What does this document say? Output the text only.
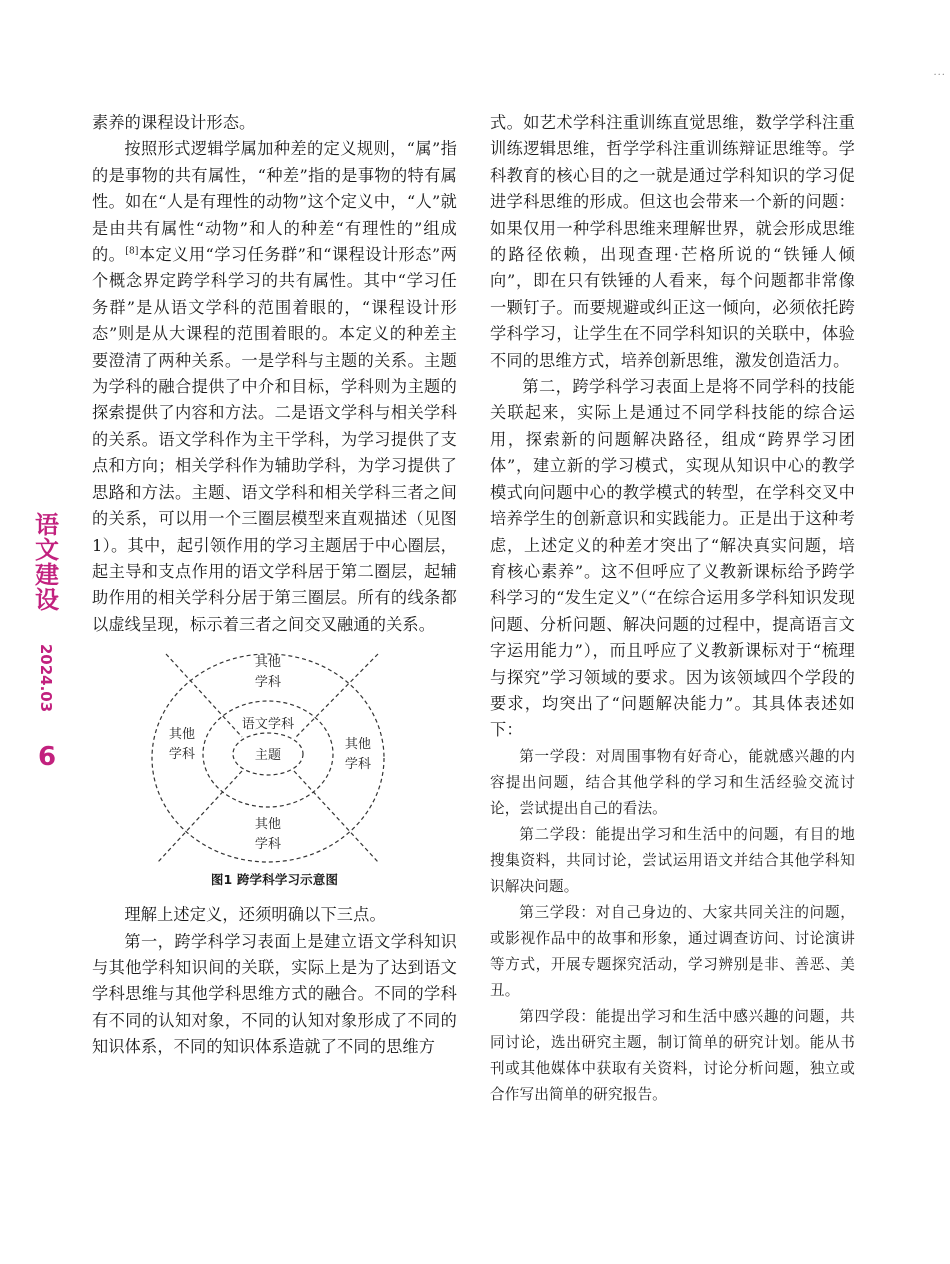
···
语文建设
2024.03
6

素养的课程设计形态。

按照形式逻辑学属加种差的定义规则，“属”指的是事物的共有属性，“种差”指的是事物的特有属性。如在“人是有理性的动物”这个定义中，“人”就是由共有属性“动物”和人的种差“有理性的”组成的。[8]本定义用“学习任务群”和“课程设计形态”两个概念界定跨学科学习的共有属性。其中“学习任务群”是从语文学科的范围着眼的，“课程设计形态”则是从大课程的范围着眼的。本定义的种差主要澄清了两种关系。一是学科与主题的关系。主题为学科的融合提供了中介和目标，学科则为主题的探索提供了内容和方法。二是语文学科与相关学科的关系。语文学科作为主干学科，为学习提供了支点和方向；相关学科作为辅助学科，为学习提供了思路和方法。主题、语文学科和相关学科三者之间的关系，可以用一个三圈层模型来直观描述（见图1）。其中，起引领作用的学习主题居于中心圈层，起主导和支点作用的语文学科居于第二圈层，起辅助作用的相关学科分居于第三圈层。所有的线条都以虚线呈现，标示着三者之间交叉融通的关系。

其他
学科
其他
学科
其他
学科
其他
学科
语文学科
主题
图1 跨学科学习示意图

理解上述定义，还须明确以下三点。

第一，跨学科学习表面上是建立语文学科知识与其他学科知识间的关联，实际上是为了达到语文学科思维与其他学科思维方式的融合。不同的学科有不同的认知对象，不同的认知对象形成了不同的知识体系，不同的知识体系造就了不同的思维方

式。如艺术学科注重训练直觉思维，数学学科注重训练逻辑思维，哲学学科注重训练辩证思维等。学科教育的核心目的之一就是通过学科知识的学习促进学科思维的形成。但这也会带来一个新的问题：如果仅用一种学科思维来理解世界，就会形成思维的路径依赖，出现查理·芒格所说的“铁锤人倾向”，即在只有铁锤的人看来，每个问题都非常像一颗钉子。而要规避或纠正这一倾向，必须依托跨学科学习，让学生在不同学科知识的关联中，体验不同的思维方式，培养创新思维，激发创造活力。

第二，跨学科学习表面上是将不同学科的技能关联起来，实际上是通过不同学科技能的综合运用，探索新的问题解决路径，组成“跨界学习团体”，建立新的学习模式，实现从知识中心的教学模式向问题中心的教学模式的转型，在学科交叉中培养学生的创新意识和实践能力。正是出于这种考虑，上述定义的种差才突出了“解决真实问题，培育核心素养”。这不但呼应了义教新课标给予跨学科学习的“发生定义”（“在综合运用多学科知识发现问题、分析问题、解决问题的过程中，提高语言文字运用能力”），而且呼应了义教新课标对于“梳理与探究”学习领域的要求。因为该领域四个学段的要求，均突出了“问题解决能力”。其具体表述如下：

第一学段：对周围事物有好奇心，能就感兴趣的内容提出问题，结合其他学科的学习和生活经验交流讨论，尝试提出自己的看法。

第二学段：能提出学习和生活中的问题，有目的地搜集资料，共同讨论，尝试运用语文并结合其他学科知识解决问题。

第三学段：对自己身边的、大家共同关注的问题，或影视作品中的故事和形象，通过调查访问、讨论演讲等方式，开展专题探究活动，学习辨别是非、善恶、美丑。

第四学段：能提出学习和生活中感兴趣的问题，共同讨论，选出研究主题，制订简单的研究计划。能从书刊或其他媒体中获取有关资料，讨论分析问题，独立或合作写出简单的研究报告。
